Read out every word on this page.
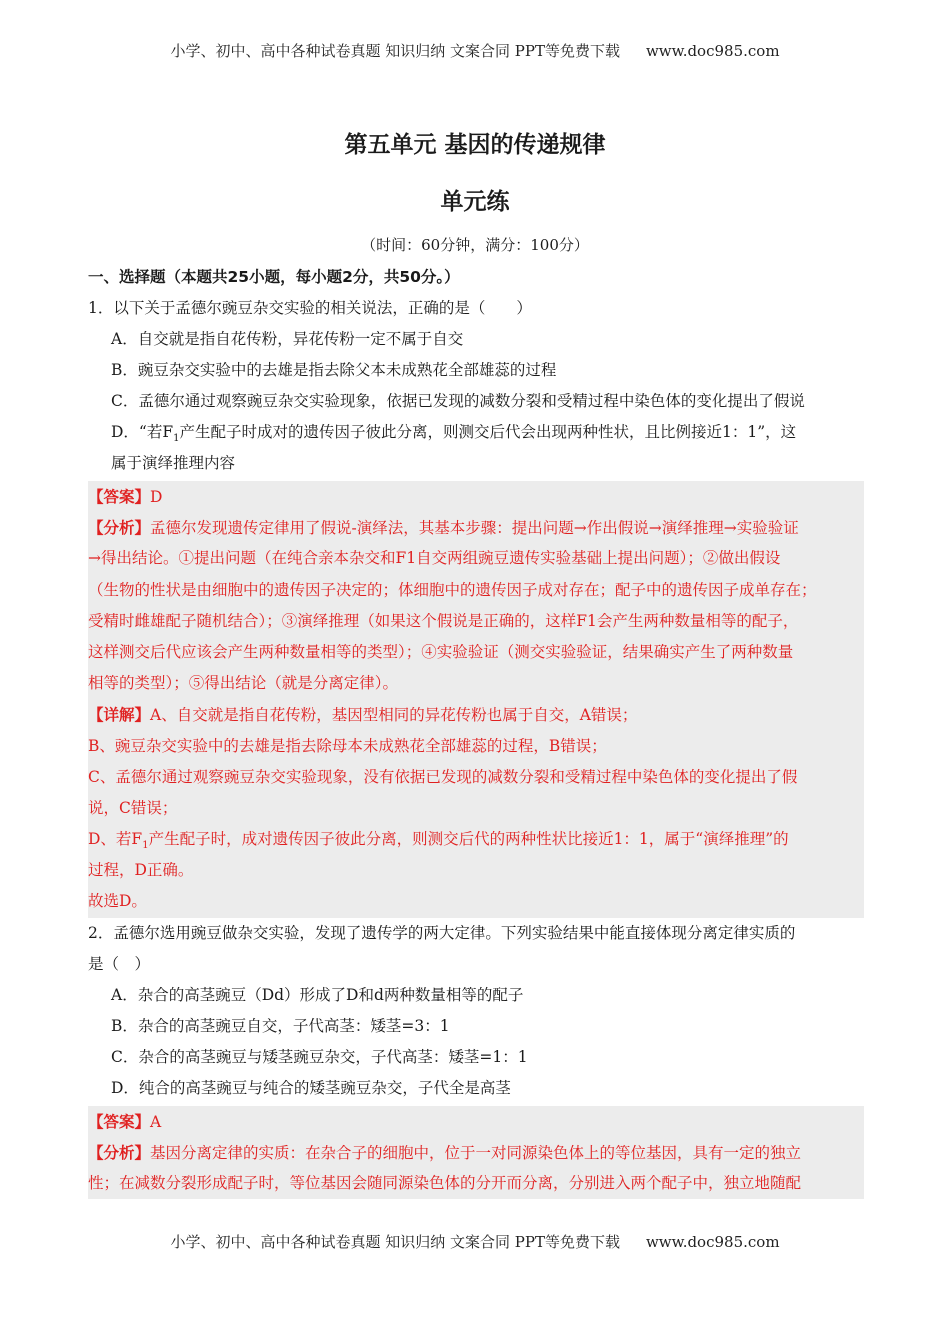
小学、初中、高中各种试卷真题 知识归纳 文案合同 PPT等免费下载 www.doc985.com
第五单元 基因的传递规律
单元练
（时间：60分钟，满分：100分）
一、选择题（本题共25小题，每小题2分，共50分。）
1．以下关于孟德尔豌豆杂交实验的相关说法，正确的是（　　）
A．自交就是指自花传粉，异花传粉一定不属于自交
B．豌豆杂交实验中的去雄是指去除父本未成熟花全部雄蕊的过程
C．孟德尔通过观察豌豆杂交实验现象，依据已发现的减数分裂和受精过程中染色体的变化提出了假说
D．“若$F_1$产生配子时成对的遗传因子彼此分离，则测交后代会出现两种性状，且比例接近1：1”，这
属于演绎推理内容
【答案】D
【分析】孟德尔发现遗传定律用了假说-演绎法，其基本步骤：提出问题→作出假说→演绎推理→实验验证
→得出结论。①提出问题（在纯合亲本杂交和F1自交两组豌豆遗传实验基础上提出问题）；②做出假设
（生物的性状是由细胞中的遗传因子决定的；体细胞中的遗传因子成对存在；配子中的遗传因子成单存在；
受精时雌雄配子随机结合）；③演绎推理（如果这个假说是正确的，这样F1会产生两种数量相等的配子，
这样测交后代应该会产生两种数量相等的类型）；④实验验证（测交实验验证，结果确实产生了两种数量
相等的类型）；⑤得出结论（就是分离定律）。
【详解】A、自交就是指自花传粉，基因型相同的异花传粉也属于自交，A错误；
B、豌豆杂交实验中的去雄是指去除母本未成熟花全部雄蕊的过程，B错误；
C、孟德尔通过观察豌豆杂交实验现象，没有依据已发现的减数分裂和受精过程中染色体的变化提出了假
说，C错误；
D、若$F_1$产生配子时，成对遗传因子彼此分离，则测交后代的两种性状比接近1：1，属于“演绎推理”的
过程，D正确。
故选D。
2．孟德尔选用豌豆做杂交实验，发现了遗传学的两大定律。下列实验结果中能直接体现分离定律实质的
是（　）
A．杂合的高茎豌豆（Dd）形成了D和d两种数量相等的配子
B．杂合的高茎豌豆自交，子代高茎：矮茎=3：1
C．杂合的高茎豌豆与矮茎豌豆杂交，子代高茎：矮茎=1：1
D．纯合的高茎豌豆与纯合的矮茎豌豆杂交，子代全是高茎
【答案】A
【分析】基因分离定律的实质：在杂合子的细胞中，位于一对同源染色体上的等位基因，具有一定的独立
性；在减数分裂形成配子时，等位基因会随同源染色体的分开而分离，分别进入两个配子中，独立地随配
小学、初中、高中各种试卷真题 知识归纳 文案合同 PPT等免费下载 www.doc985.com
